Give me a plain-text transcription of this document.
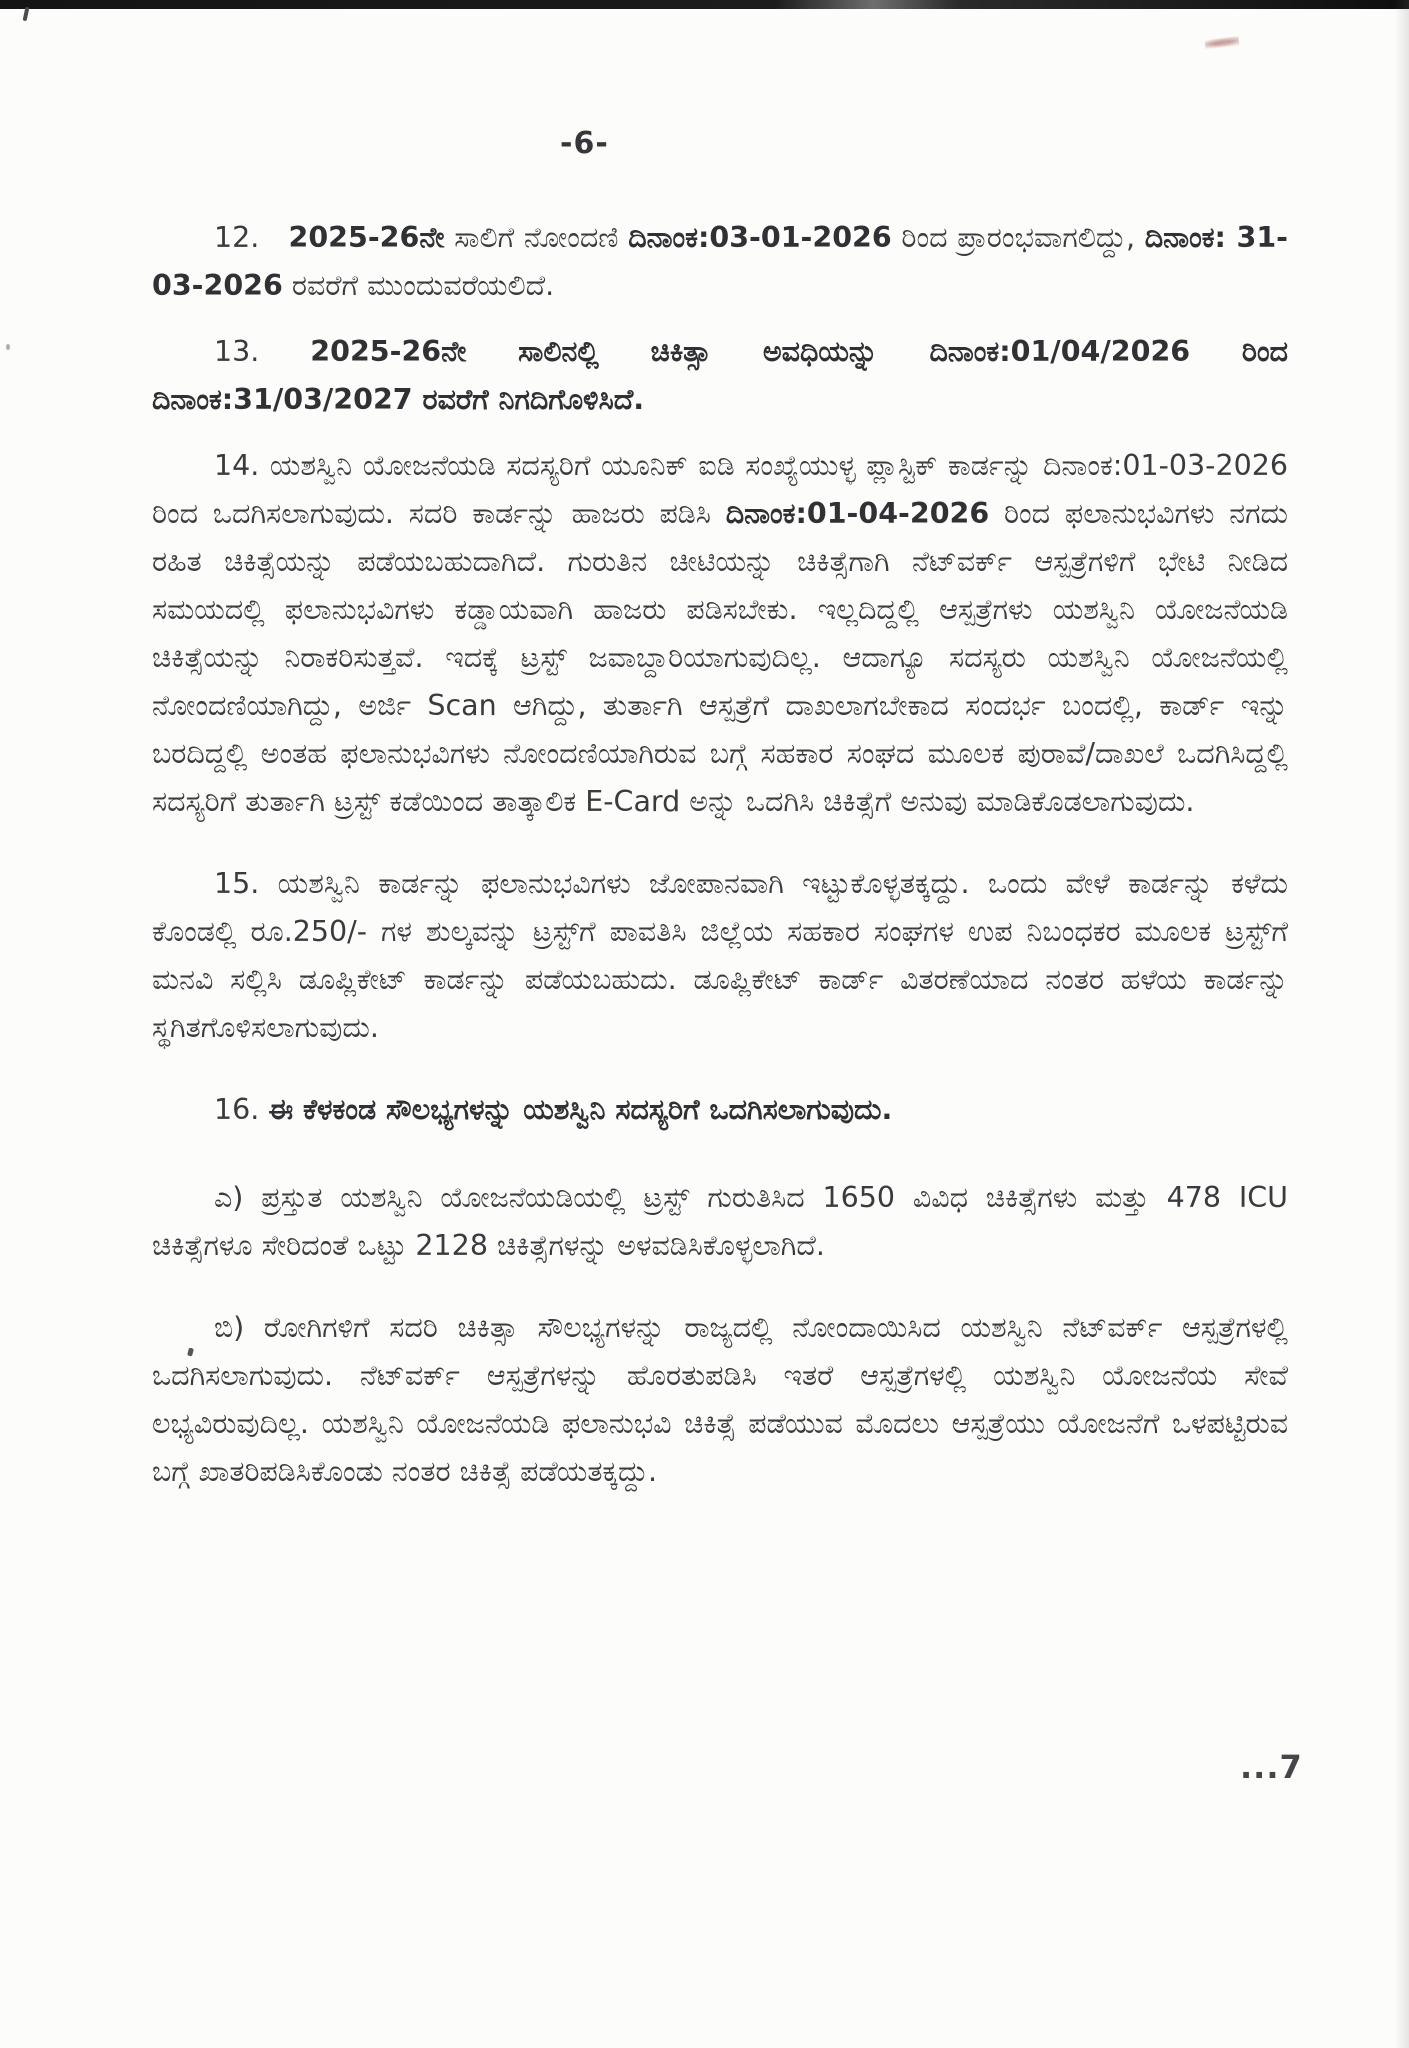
-6-

12. 2025-26ನೇ ಸಾಲಿಗೆ ನೋಂದಣಿ ದಿನಾಂಕ:03-01-2026 ರಿಂದ ಪ್ರಾರಂಭವಾಗಲಿದ್ದು, ದಿನಾಂಕ: 31-03-2026 ರವರೆಗೆ ಮುಂದುವರೆಯಲಿದೆ.

13. 2025-26ನೇ ಸಾಲಿನಲ್ಲಿ ಚಿಕಿತ್ಸಾ ಅವಧಿಯನ್ನು ದಿನಾಂಕ:01/04/2026 ರಿಂದ ದಿನಾಂಕ:31/03/2027 ರವರೆಗೆ ನಿಗದಿಗೊಳಿಸಿದೆ.

14. ಯಶಸ್ವಿನಿ ಯೋಜನೆಯಡಿ ಸದಸ್ಯರಿಗೆ ಯೂನಿಕ್ ಐಡಿ ಸಂಖ್ಯೆಯುಳ್ಳ ಪ್ಲಾಸ್ಟಿಕ್ ಕಾರ್ಡನ್ನು ದಿನಾಂಕ:01-03-2026 ರಿಂದ ಒದಗಿಸಲಾಗುವುದು. ಸದರಿ ಕಾರ್ಡನ್ನು ಹಾಜರು ಪಡಿಸಿ ದಿನಾಂಕ:01-04-2026 ರಿಂದ ಫಲಾನುಭವಿಗಳು ನಗದು ರಹಿತ ಚಿಕಿತ್ಸೆಯನ್ನು ಪಡೆಯಬಹುದಾಗಿದೆ. ಗುರುತಿನ ಚೀಟಿಯನ್ನು ಚಿಕಿತ್ಸೆಗಾಗಿ ನೆಟ್‌ವರ್ಕ್ ಆಸ್ಪತ್ರೆಗಳಿಗೆ ಭೇಟಿ ನೀಡಿದ ಸಮಯದಲ್ಲಿ ಫಲಾನುಭವಿಗಳು ಕಡ್ಡಾಯವಾಗಿ ಹಾಜರು ಪಡಿಸಬೇಕು. ಇಲ್ಲದಿದ್ದಲ್ಲಿ ಆಸ್ಪತ್ರೆಗಳು ಯಶಸ್ವಿನಿ ಯೋಜನೆಯಡಿ ಚಿಕಿತ್ಸೆಯನ್ನು ನಿರಾಕರಿಸುತ್ತವೆ. ಇದಕ್ಕೆ ಟ್ರಸ್ಟ್ ಜವಾಬ್ದಾರಿಯಾಗುವುದಿಲ್ಲ. ಆದಾಗ್ಯೂ ಸದಸ್ಯರು ಯಶಸ್ವಿನಿ ಯೋಜನೆಯಲ್ಲಿ ನೋಂದಣಿಯಾಗಿದ್ದು, ಅರ್ಜಿ Scan ಆಗಿದ್ದು, ತುರ್ತಾಗಿ ಆಸ್ಪತ್ರೆಗೆ ದಾಖಲಾಗಬೇಕಾದ ಸಂದರ್ಭ ಬಂದಲ್ಲಿ, ಕಾರ್ಡ್ ಇನ್ನು ಬರದಿದ್ದಲ್ಲಿ ಅಂತಹ ಫಲಾನುಭವಿಗಳು ನೋಂದಣಿಯಾಗಿರುವ ಬಗ್ಗೆ ಸಹಕಾರ ಸಂಘದ ಮೂಲಕ ಪುರಾವೆ/ದಾಖಲೆ ಒದಗಿಸಿದ್ದಲ್ಲಿ ಸದಸ್ಯರಿಗೆ ತುರ್ತಾಗಿ ಟ್ರಸ್ಟ್ ಕಡೆಯಿಂದ ತಾತ್ಕಾಲಿಕ E-Card ಅನ್ನು ಒದಗಿಸಿ ಚಿಕಿತ್ಸೆಗೆ ಅನುವು ಮಾಡಿಕೊಡಲಾಗುವುದು.

15. ಯಶಸ್ವಿನಿ ಕಾರ್ಡನ್ನು ಫಲಾನುಭವಿಗಳು ಜೋಪಾನವಾಗಿ ಇಟ್ಟುಕೊಳ್ಳತಕ್ಕದ್ದು. ಒಂದು ವೇಳೆ ಕಾರ್ಡನ್ನು ಕಳೆದು ಕೊಂಡಲ್ಲಿ ರೂ.250/- ಗಳ ಶುಲ್ಕವನ್ನು ಟ್ರಸ್ಟ್‌ಗೆ ಪಾವತಿಸಿ ಜಿಲ್ಲೆಯ ಸಹಕಾರ ಸಂಘಗಳ ಉಪ ನಿಬಂಧಕರ ಮೂಲಕ ಟ್ರಸ್ಟ್‌ಗೆ ಮನವಿ ಸಲ್ಲಿಸಿ ಡೂಪ್ಲಿಕೇಟ್ ಕಾರ್ಡನ್ನು ಪಡೆಯಬಹುದು. ಡೂಪ್ಲಿಕೇಟ್ ಕಾರ್ಡ್ ವಿತರಣೆಯಾದ ನಂತರ ಹಳೆಯ ಕಾರ್ಡನ್ನು ಸ್ಥಗಿತಗೊಳಿಸಲಾಗುವುದು.

16. ಈ ಕೆಳಕಂಡ ಸೌಲಭ್ಯಗಳನ್ನು ಯಶಸ್ವಿನಿ ಸದಸ್ಯರಿಗೆ ಒದಗಿಸಲಾಗುವುದು.

ಎ) ಪ್ರಸ್ತುತ ಯಶಸ್ವಿನಿ ಯೋಜನೆಯಡಿಯಲ್ಲಿ ಟ್ರಸ್ಟ್ ಗುರುತಿಸಿದ 1650 ವಿವಿಧ ಚಿಕಿತ್ಸೆಗಳು ಮತ್ತು 478 ICU ಚಿಕಿತ್ಸೆಗಳೂ ಸೇರಿದಂತೆ ಒಟ್ಟು 2128 ಚಿಕಿತ್ಸೆಗಳನ್ನು ಅಳವಡಿಸಿಕೊಳ್ಳಲಾಗಿದೆ.

ಬಿ) ರೋಗಿಗಳಿಗೆ ಸದರಿ ಚಿಕಿತ್ಸಾ ಸೌಲಭ್ಯಗಳನ್ನು ರಾಜ್ಯದಲ್ಲಿ ನೋಂದಾಯಿಸಿದ ಯಶಸ್ವಿನಿ ನೆಟ್‌ವರ್ಕ್ ಆಸ್ಪತ್ರೆಗಳಲ್ಲಿ ಒದಗಿಸಲಾಗುವುದು. ನೆಟ್‌ವರ್ಕ್ ಆಸ್ಪತ್ರೆಗಳನ್ನು ಹೊರತುಪಡಿಸಿ ಇತರೆ ಆಸ್ಪತ್ರೆಗಳಲ್ಲಿ ಯಶಸ್ವಿನಿ ಯೋಜನೆಯ ಸೇವೆ ಲಭ್ಯವಿರುವುದಿಲ್ಲ. ಯಶಸ್ವಿನಿ ಯೋಜನೆಯಡಿ ಫಲಾನುಭವಿ ಚಿಕಿತ್ಸೆ ಪಡೆಯುವ ಮೊದಲು ಆಸ್ಪತ್ರೆಯು ಯೋಜನೆಗೆ ಒಳಪಟ್ಟಿರುವ ಬಗ್ಗೆ ಖಾತರಿಪಡಿಸಿಕೊಂಡು ನಂತರ ಚಿಕಿತ್ಸೆ ಪಡೆಯತಕ್ಕದ್ದು.

...7
